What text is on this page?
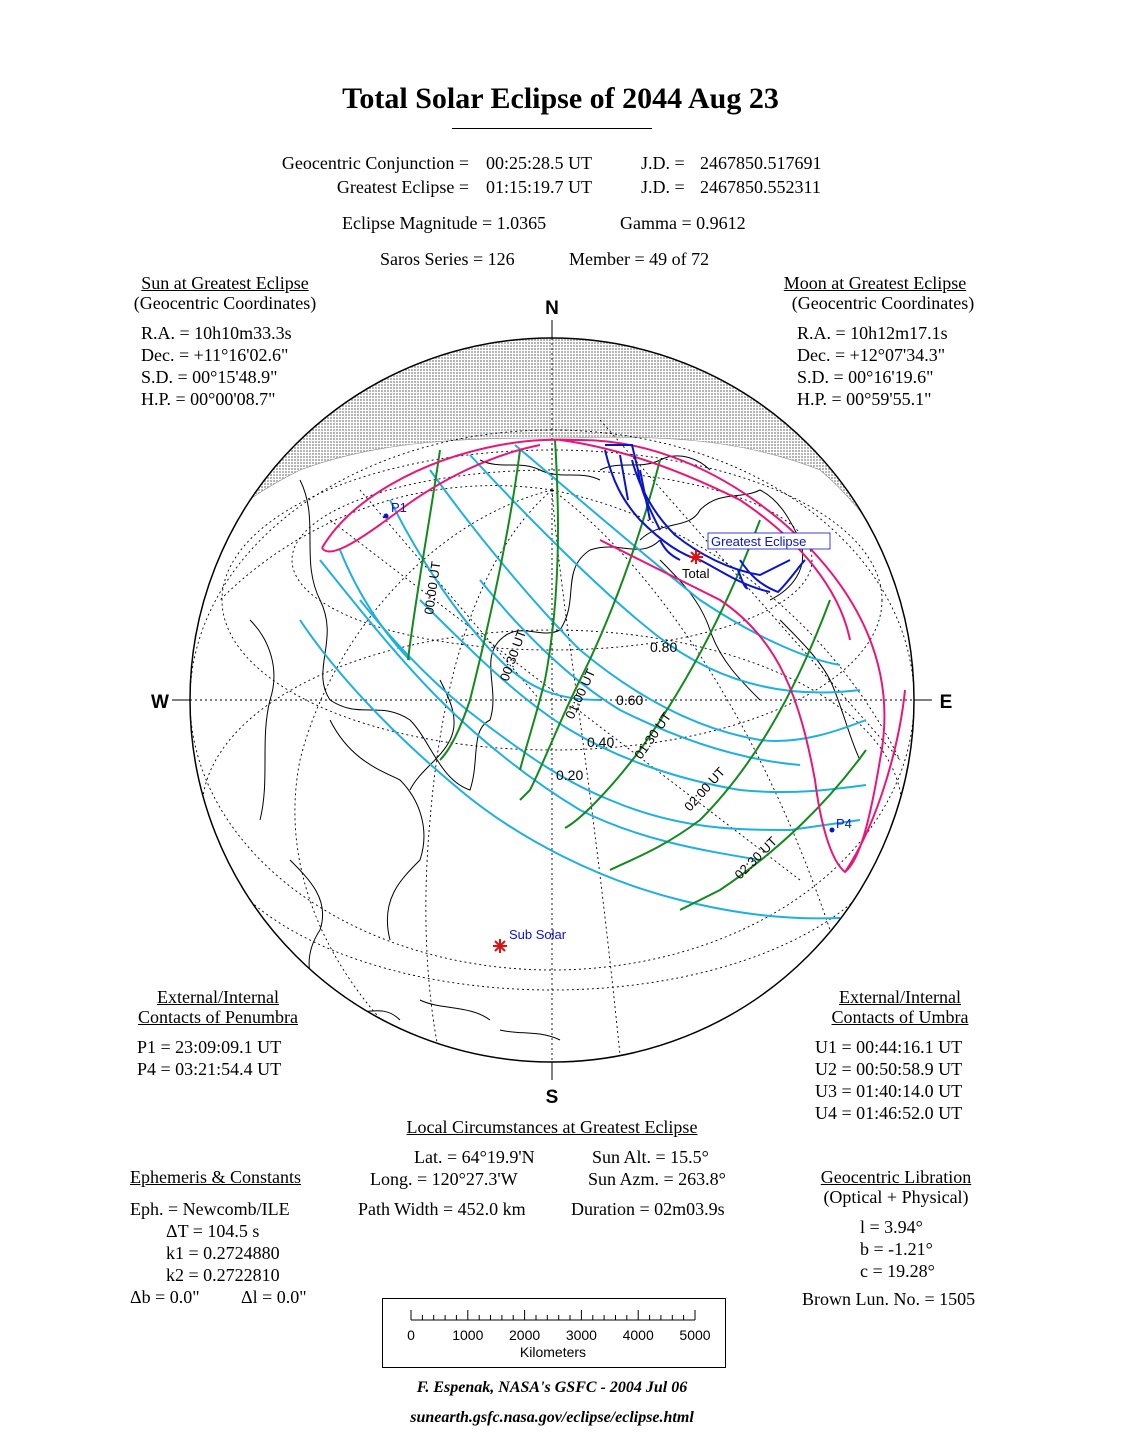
Total Solar Eclipse of 2044 Aug 23
Geocentric Conjunction = 00:25:28.5 UT	J.D. = 2467850.517691
Greatest Eclipse = 01:15:19.7 UT	J.D. = 2467850.552311
Eclipse Magnitude = 1.0365	Gamma = 0.9612
Saros Series = 126	Member = 49 of 72
Sun at Greatest Eclipse
(Geocentric Coordinates)
R.A. = 10h10m33.3s
Dec. = +11°16'02.6"
S.D. = 00°15'48.9"
H.P. = 00°00'08.7"
Moon at Greatest Eclipse
(Geocentric Coordinates)
R.A. = 10h12m17.1s
Dec. = +12°07'34.3"
S.D. = 00°16'19.6"
H.P. = 00°59'55.1"
N
S
W	E
00:00 UT
00:30 UT
01:00 UT
01:30 UT
02:00 UT
02:30 UT
0.80
0.60
0.40
0.20
P1
P4
Greatest Eclipse
Total
Sub Solar
External/Internal
Contacts of Penumbra
P1 = 23:09:09.1 UT
P4 = 03:21:54.4 UT
External/Internal
Contacts of Umbra
U1 = 00:44:16.1 UT
U2 = 00:50:58.9 UT
U3 = 01:40:14.0 UT
U4 = 01:46:52.0 UT
Local Circumstances at Greatest Eclipse
Lat. = 64°19.9'N
Long. = 120°27.3'W
Sun Alt. = 15.5°
Sun Azm. = 263.8°
Path Width = 452.0 km	Duration = 02m03.9s
Ephemeris & Constants
Eph. = Newcomb/ILE
ΔT = 104.5 s
k1 = 0.2724880
k2 = 0.2722810
Δb = 0.0" Δl = 0.0"
Geocentric Libration
(Optical + Physical)
l = 3.94°
b = -1.21°
c = 19.28°
Brown Lun. No. = 1505
0	1000 2000 3000 4000 5000
Kilometers
F. Espenak, NASA's GSFC - 2004 Jul 06
sunearth.gsfc.nasa.gov/eclipse/eclipse.html
